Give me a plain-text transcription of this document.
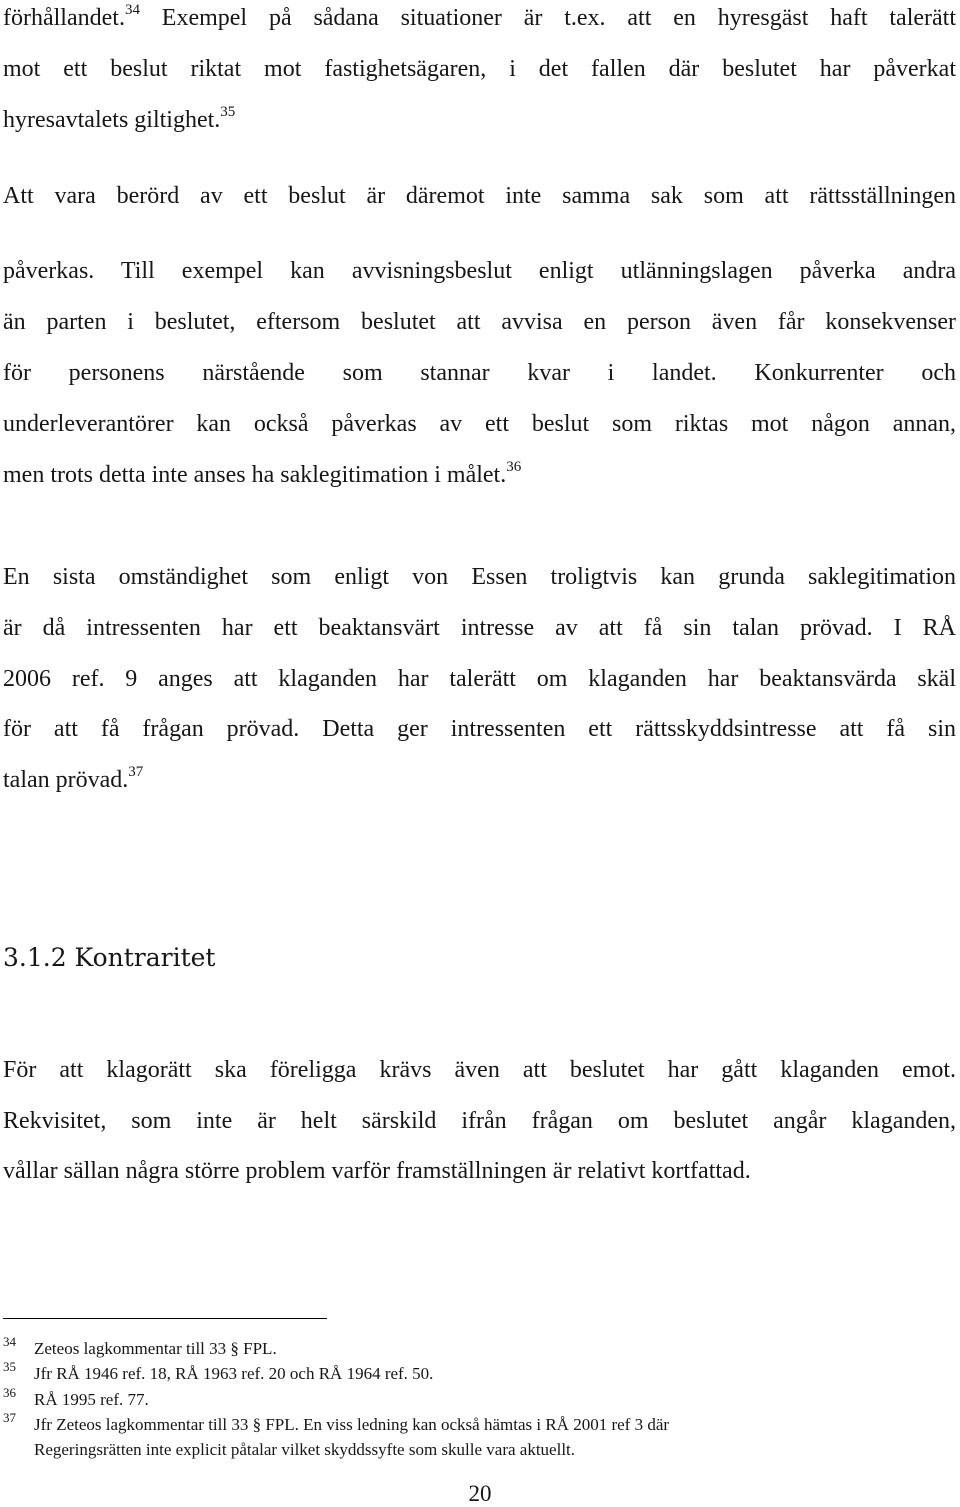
förhållandet.$^{34}$ Exempel på sådana situationer är t.ex. att en hyresgäst haft talerätt
mot ett beslut riktat mot fastighetsägaren, i det fallen där beslutet har påverkat
hyresavtalets giltighet.$^{35}$
Att vara berörd av ett beslut är däremot inte samma sak som att rättsställningen
påverkas. Till exempel kan avvisningsbeslut enligt utlänningslagen påverka andra
än parten i beslutet, eftersom beslutet att avvisa en person även får konsekvenser
för personens närstående som stannar kvar i landet. Konkurrenter och
underleverantörer kan också påverkas av ett beslut som riktas mot någon annan,
men trots detta inte anses ha saklegitimation i målet.$^{36}$
En sista omständighet som enligt von Essen troligtvis kan grunda saklegitimation
är då intressenten har ett beaktansvärt intresse av att få sin talan prövad. I RÅ
2006 ref. 9 anges att klaganden har talerätt om klaganden har beaktansvärda skäl
för att få frågan prövad. Detta ger intressenten ett rättsskyddsintresse att få sin
talan prövad.$^{37}$
3.1.2 Kontraritet
För att klagorätt ska föreligga krävs även att beslutet har gått klaganden emot.
Rekvisitet, som inte är helt särskild ifrån frågan om beslutet angår klaganden,
vållar sällan några större problem varför framställningen är relativt kortfattad.
34 Zeteos lagkommentar till 33 § FPL.
35 Jfr RÅ 1946 ref. 18, RÅ 1963 ref. 20 och RÅ 1964 ref. 50.
36 RÅ 1995 ref. 77.
37 Jfr Zeteos lagkommentar till 33 § FPL. En viss ledning kan också hämtas i RÅ 2001 ref 3 där
Regeringsrätten inte explicit påtalar vilket skyddssyfte som skulle vara aktuellt.
20
